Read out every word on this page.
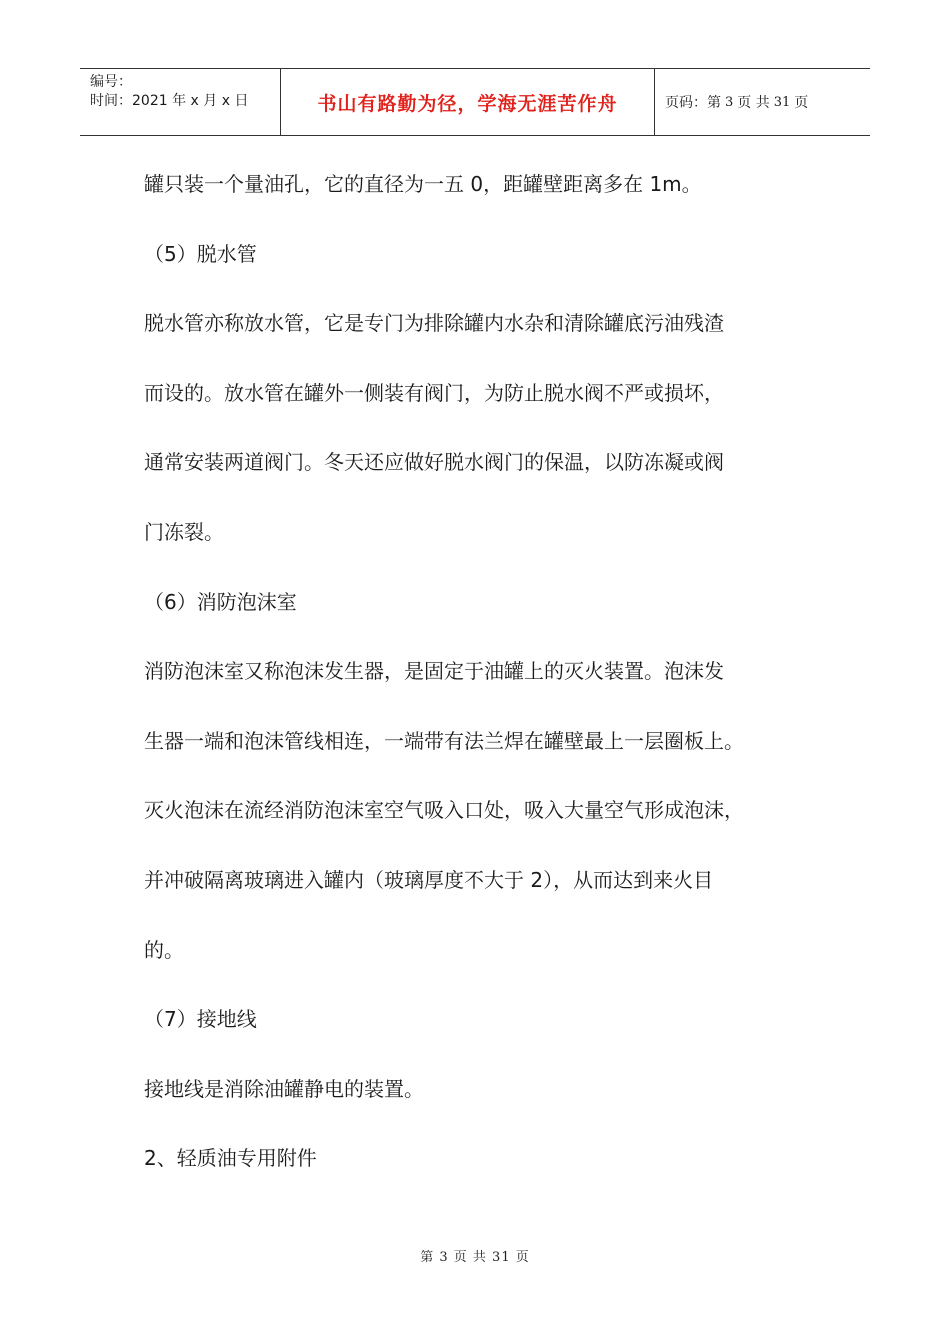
编号：
时间：2021 年 x 月 x 日	书山有路勤为径，学海无涯苦作舟	页码：第 3 页 共 31 页
罐只装一个量油孔，它的直径为一五 0，距罐壁距离多在 1m。
（5）脱水管
脱水管亦称放水管，它是专门为排除罐内水杂和清除罐底污油残渣
而设的。放水管在罐外一侧装有阀门，为防止脱水阀不严或损坏，
通常安装两道阀门。冬天还应做好脱水阀门的保温，以防冻凝或阀
门冻裂。
（6）消防泡沫室
消防泡沫室又称泡沫发生器，是固定于油罐上的灭火装置。泡沫发
生器一端和泡沫管线相连，一端带有法兰焊在罐壁最上一层圈板上。
灭火泡沫在流经消防泡沫室空气吸入口处，吸入大量空气形成泡沫，
并冲破隔离玻璃进入罐内（玻璃厚度不大于 2），从而达到来火目
的。
（7）接地线
接地线是消除油罐静电的装置。
2、轻质油专用附件
第 3 页 共 31 页
